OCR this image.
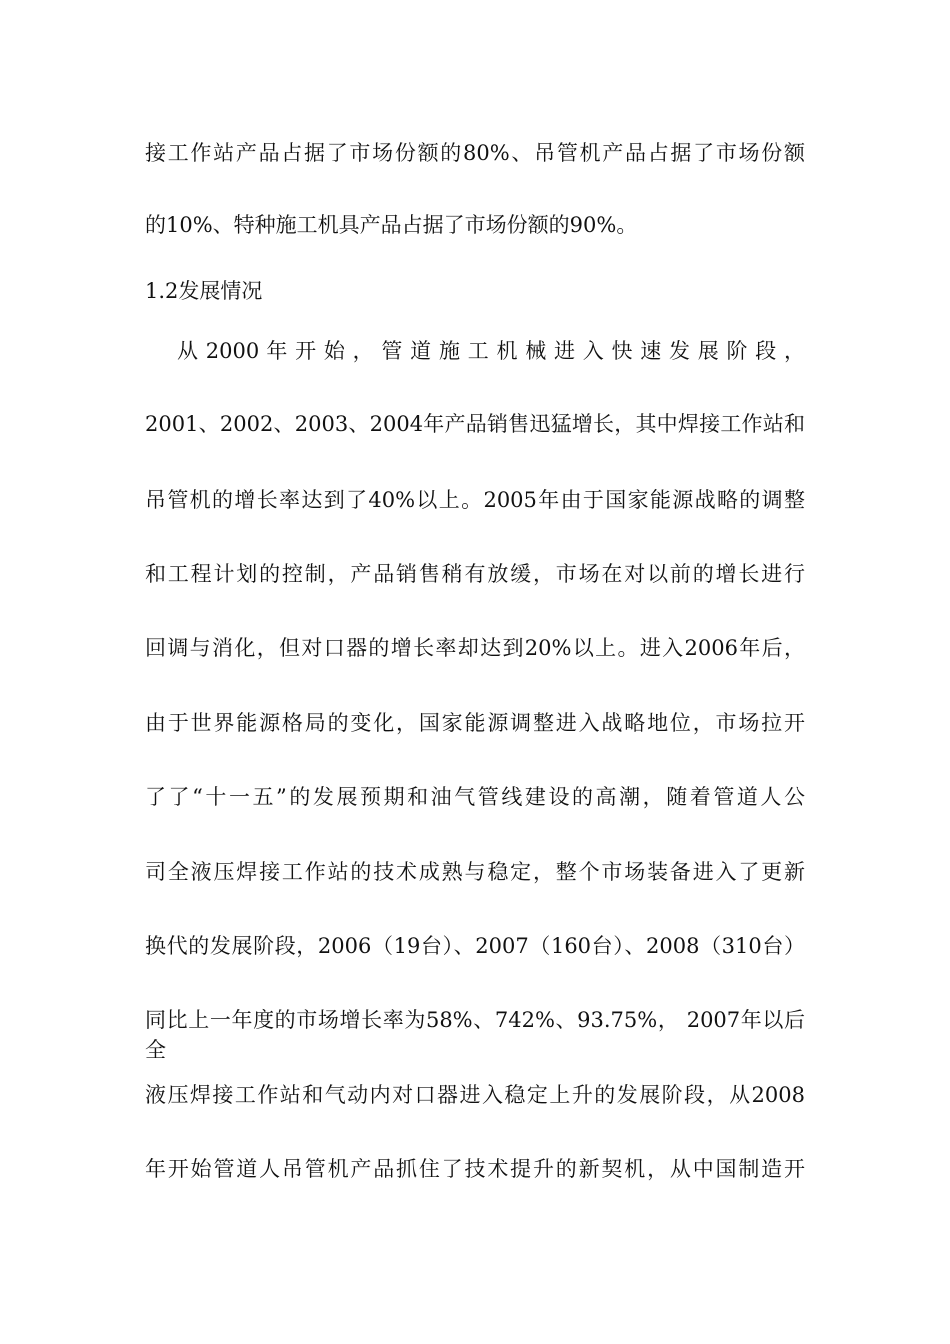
接工作站产品占据了市场份额的80%、吊管机产品占据了市场份额
的10%、特种施工机具产品占据了市场份额的90%。
1.2发展情况
从 2000 年 开 始 ， 管 道 施 工 机 械 进 入 快 速 发 展 阶 段 ，
2001、2002、2003、2004年产品销售迅猛增长，其中焊接工作站和
吊管机的增长率达到了40%以上。2005年由于国家能源战略的调整
和工程计划的控制，产品销售稍有放缓，市场在对以前的增长进行
回调与消化，但对口器的增长率却达到20%以上。进入2006年后，
由于世界能源格局的变化，国家能源调整进入战略地位，市场拉开
了了“十一五”的发展预期和油气管线建设的高潮，随着管道人公
司全液压焊接工作站的技术成熟与稳定，整个市场装备进入了更新
换代的发展阶段，2006（19台）、2007（160台）、2008（310台）
同比上一年度的市场增长率为58%、742%、93.75%， 2007年以后全
液压焊接工作站和气动内对口器进入稳定上升的发展阶段，从2008
年开始管道人吊管机产品抓住了技术提升的新契机，从中国制造开
